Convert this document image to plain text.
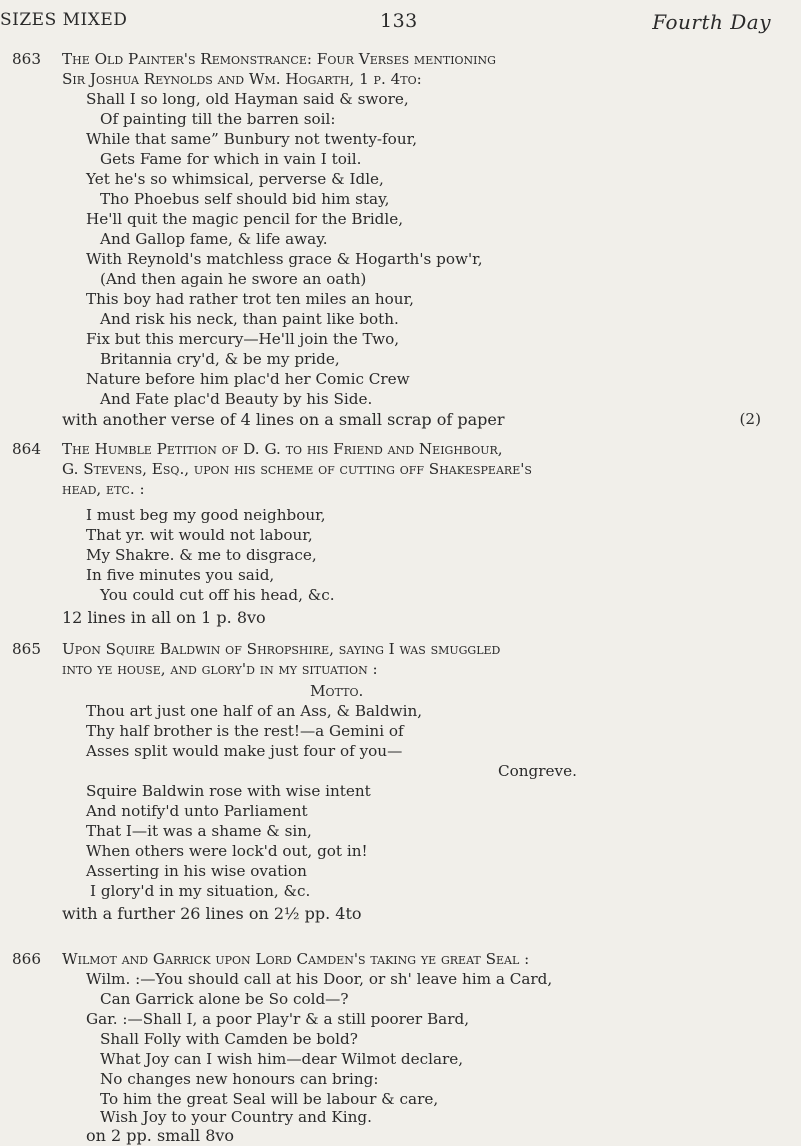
SIZES MIXED	133	Fourth Day
863 The Old Painter's Remonstrance: Four Verses mentioning
Sir Joshua Reynolds and Wm. Hogarth, 1 p. 4to:
Shall I so long, old Hayman said & swore,
Of painting till the barren soil:
While that same” Bunbury not twenty-four,
Gets Fame for which in vain I toil.
Yet he's so whimsical, perverse & Idle,
Tho Phoebus self should bid him stay,
He'll quit the magic pencil for the Bridle,
And Gallop fame, & life away.
With Reynold's matchless grace & Hogarth's pow'r,
(And then again he swore an oath)
This boy had rather trot ten miles an hour,
And risk his neck, than paint like both.
Fix but this mercury—He'll join the Two,
Britannia cry'd, & be my pride,
Nature before him plac'd her Comic Crew
And Fate plac'd Beauty by his Side.
with another verse of 4 lines on a small scrap of paper	(2)
864 The Humble Petition of D. G. to his Friend and Neighbour,
G. Stevens, Esq., upon his scheme of cutting off Shakespeare's
head, etc. :
I must beg my good neighbour,
That yr. wit would not labour,
My Shakre. & me to disgrace,
In five minutes you said,
You could cut off his head, &c.
12 lines in all on 1 p. 8vo
865 Upon Squire Baldwin of Shropshire, saying I was smuggled
into ye house, and glory'd in my situation :
Motto.
Thou art just one half of an Ass, & Baldwin,
Thy half brother is the rest!—a Gemini of
Asses split would make just four of you—
Congreve.
Squire Baldwin rose with wise intent
And notify'd unto Parliament
That I—it was a shame & sin,
When others were lock'd out, got in!
Asserting in his wise ovation
I glory'd in my situation, &c.
with a further 26 lines on 2½ pp. 4to
866 Wilmot and Garrick upon Lord Camden's taking ye great Seal :
Wilm. :—You should call at his Door, or sh' leave him a Card,
Can Garrick alone be So cold—?
Gar. :—Shall I, a poor Play'r & a still poorer Bard,
Shall Folly with Camden be bold?
What Joy can I wish him—dear Wilmot declare,
No changes new honours can bring:
To him the great Seal will be labour & care,
Wish Joy to your Country and King.
on 2 pp. small 8vo
